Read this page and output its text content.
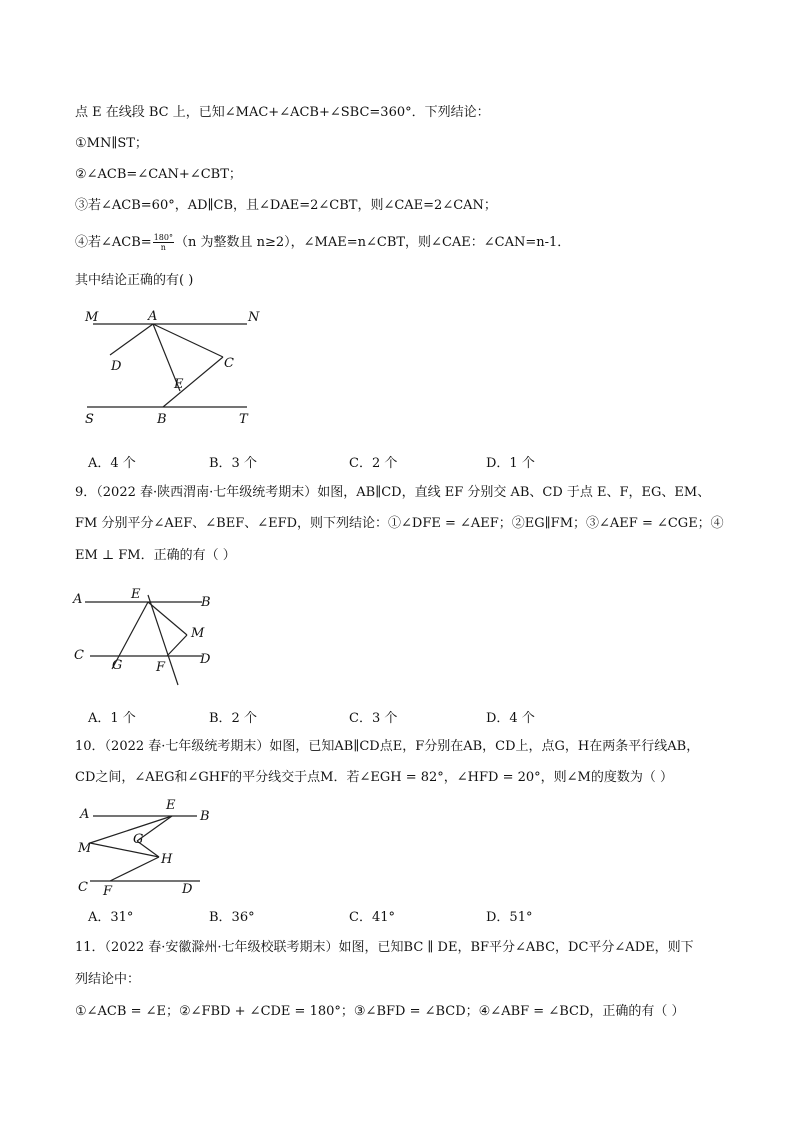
点 E 在线段 BC 上，已知∠MAC+∠ACB+∠SBC=360°．下列结论：
①MN∥ST；
②∠ACB=∠CAN+∠CBT；
③若∠ACB=60°，AD∥CB，且∠DAE=2∠CBT，则∠CAE=2∠CAN；
④若∠ACB= $\frac{180^\circ}{n} (n$ 为整数且 n≥2），∠MAE=n∠CBT，则∠CAE：∠CAN=n-1．
其中结论正确的有( )
M	A	N
D	C
E
S	B	T
A．4 个	B．3 个	C．2 个	D．1 个
9．（2022 春·陕西渭南·七年级统考期末）如图，AB∥CD，直线 EF 分别交 AB、CD 于点 E、F，EG、EM、
FM 分别平分∠AEF、∠BEF、∠EFD，则下列结论：①∠DFE = ∠AEF；②EG∥FM；③∠AEF = ∠CGE；④
EM ⊥ FM．正确的有（ ）
A	E
B
M
C
G	F
D
A．1 个	B．2 个	C．3 个	D．4 个
10．（2022 春·七年级统考期末）如图，已知AB∥CD点E，F分别在AB，CD上，点G，H在两条平行线AB，
CD之间，∠AEG和∠GHF的平分线交于点M．若∠EGH = 82°，∠HFD = 20°，则∠M的度数为（ ）
A
E
B
G
M
H
C F	D
A．31°	B．36°	C．41°	D．51°
11．（2022 春·安徽滁州·七年级校联考期末）如图，已知BC ∥ DE，BF平分∠ABC，DC平分∠ADE，则下
列结论中：
①∠ACB = ∠E；②∠FBD + ∠CDE = 180°；③∠BFD = ∠BCD；④∠ABF = ∠BCD，正确的有（ ）
